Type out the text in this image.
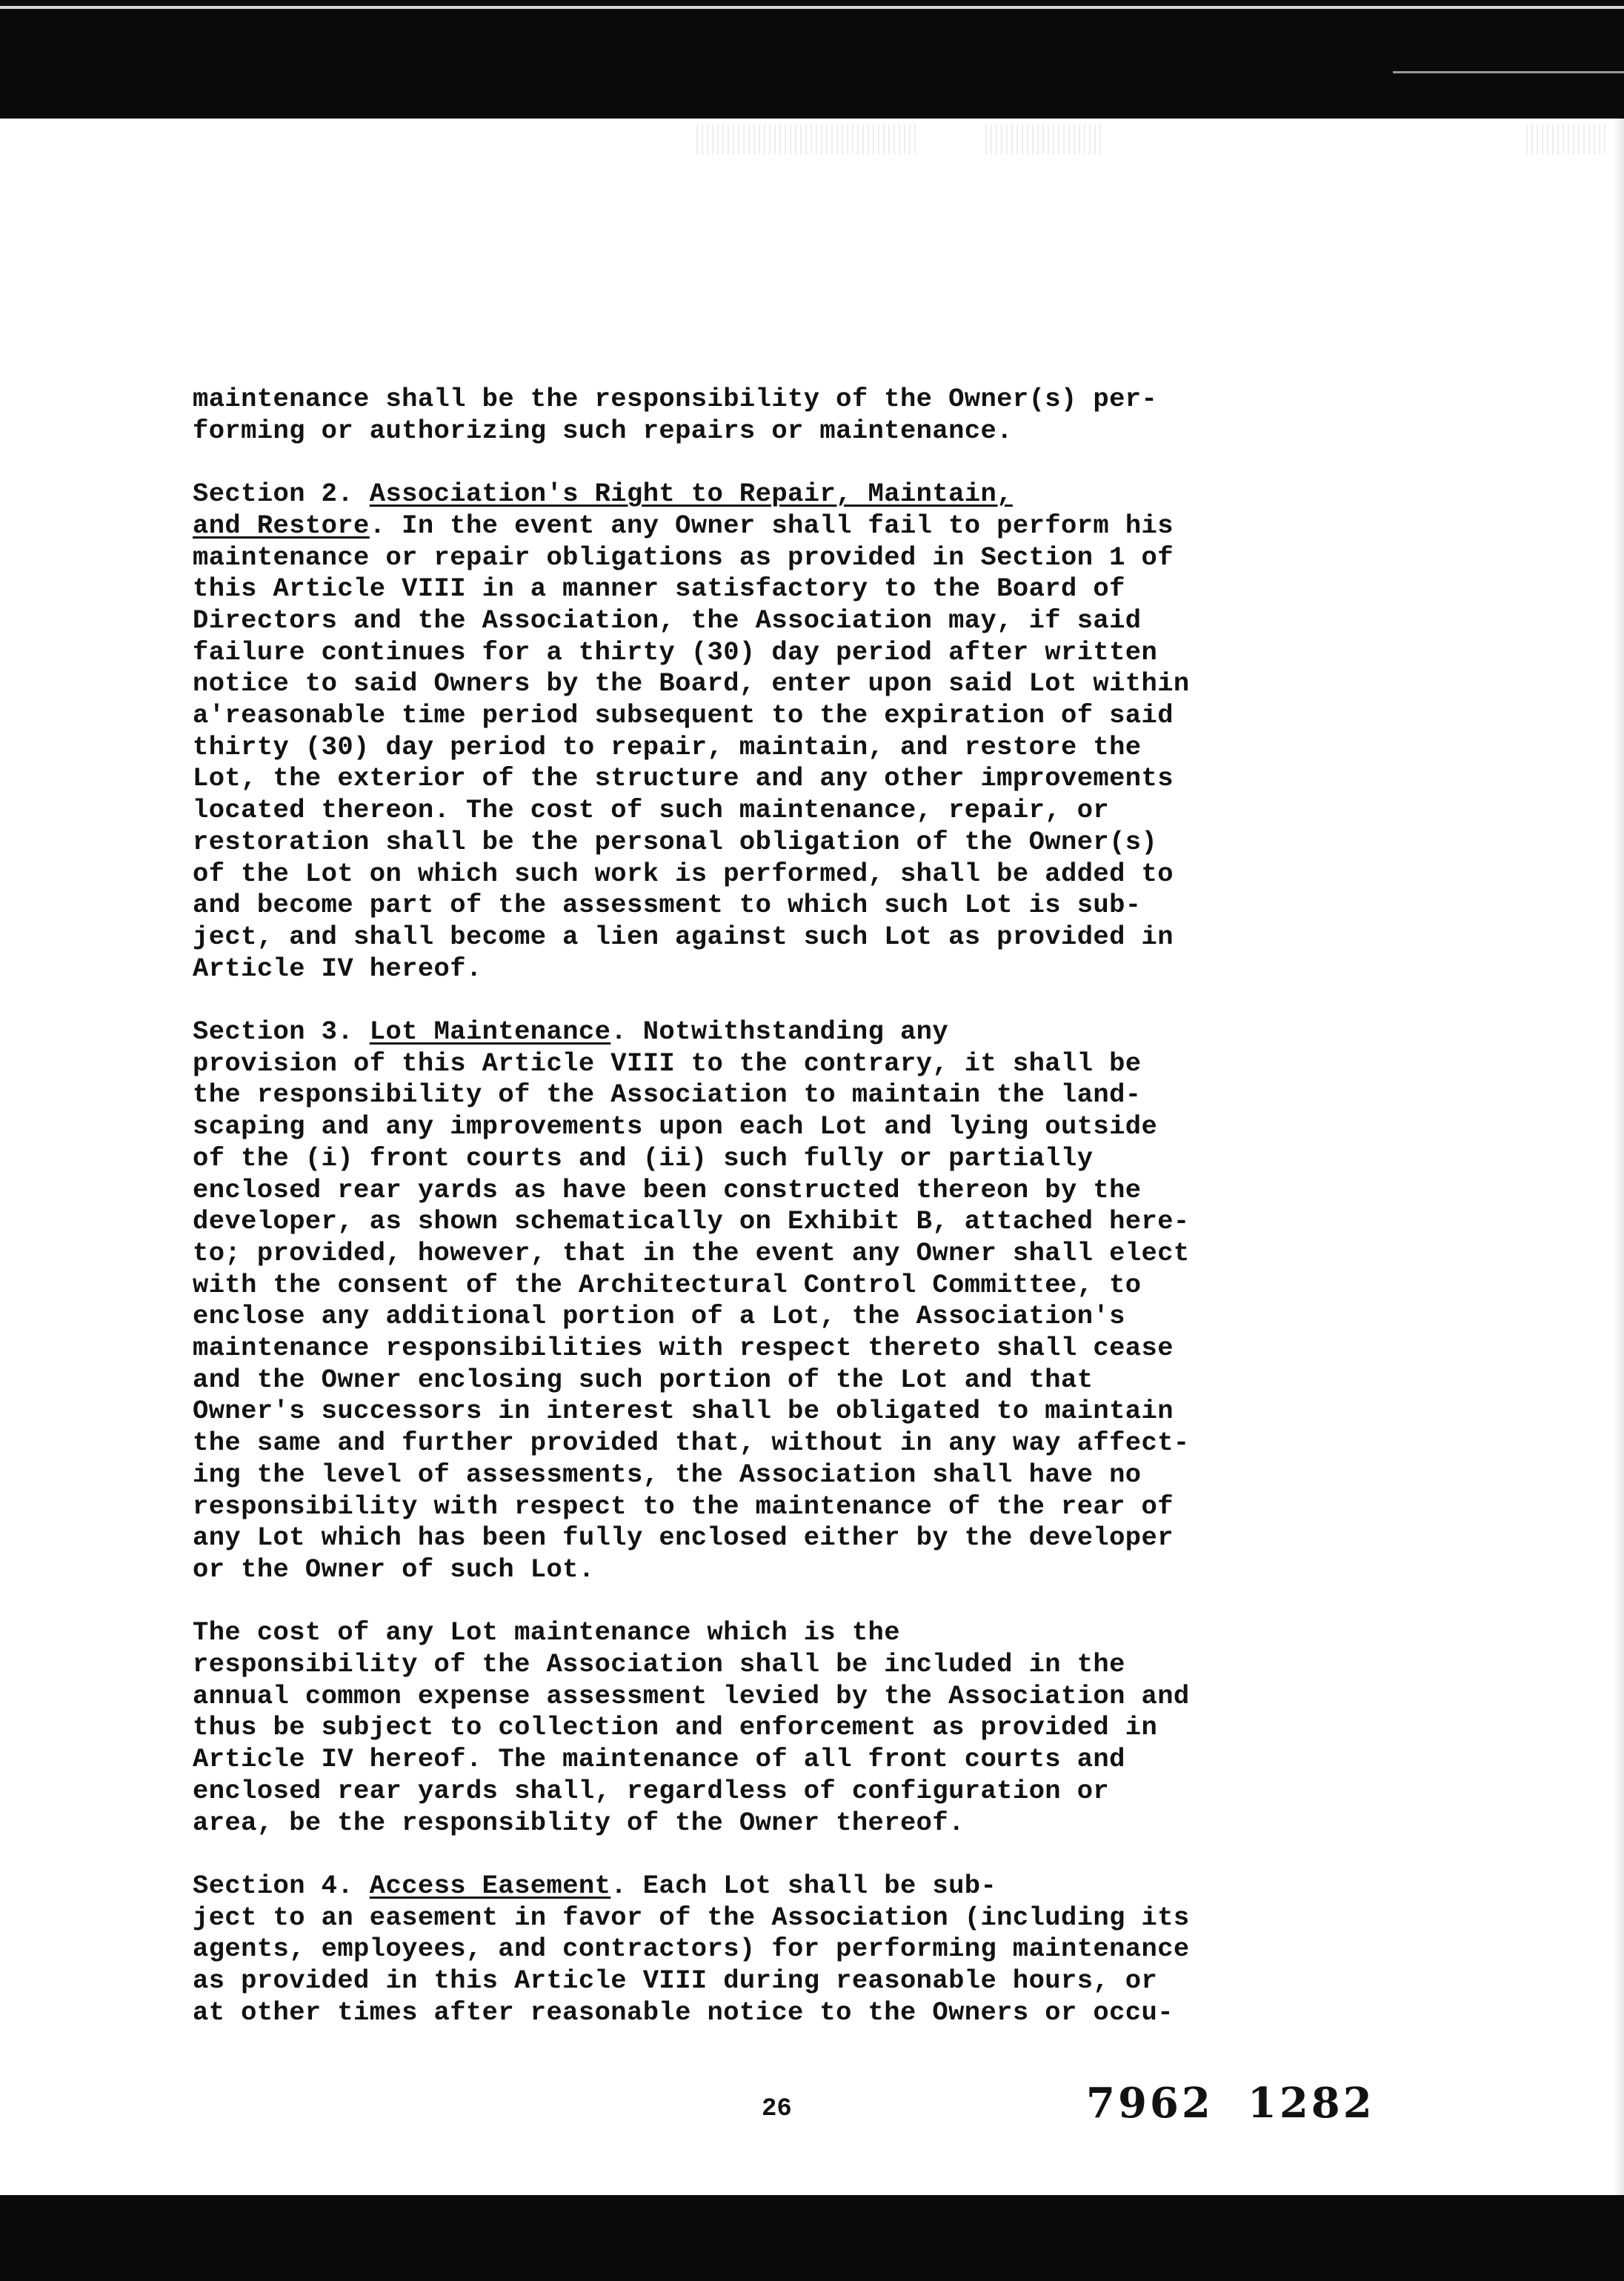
maintenance shall be the responsibility of the Owner(s) per-
forming or authorizing such repairs or maintenance.

Section 2. Association's Right to Repair, Maintain,
and Restore. In the event any Owner shall fail to perform his
maintenance or repair obligations as provided in Section 1 of
this Article VIII in a manner satisfactory to the Board of
Directors and the Association, the Association may, if said
failure continues for a thirty (30) day period after written
notice to said Owners by the Board, enter upon said Lot within
a'reasonable time period subsequent to the expiration of said
thirty (30) day period to repair, maintain, and restore the
Lot, the exterior of the structure and any other improvements
located thereon. The cost of such maintenance, repair, or
restoration shall be the personal obligation of the Owner(s)
of the Lot on which such work is performed, shall be added to
and become part of the assessment to which such Lot is sub-
ject, and shall become a lien against such Lot as provided in
Article IV hereof.

Section 3. Lot Maintenance. Notwithstanding any
provision of this Article VIII to the contrary, it shall be
the responsibility of the Association to maintain the land-
scaping and any improvements upon each Lot and lying outside
of the (i) front courts and (ii) such fully or partially
enclosed rear yards as have been constructed thereon by the
developer, as shown schematically on Exhibit B, attached here-
to; provided, however, that in the event any Owner shall elect
with the consent of the Architectural Control Committee, to
enclose any additional portion of a Lot, the Association's
maintenance responsibilities with respect thereto shall cease
and the Owner enclosing such portion of the Lot and that
Owner's successors in interest shall be obligated to maintain
the same and further provided that, without in any way affect-
ing the level of assessments, the Association shall have no
responsibility with respect to the maintenance of the rear of
any Lot which has been fully enclosed either by the developer
or the Owner of such Lot.

The cost of any Lot maintenance which is the
responsibility of the Association shall be included in the
annual common expense assessment levied by the Association and
thus be subject to collection and enforcement as provided in
Article IV hereof. The maintenance of all front courts and
enclosed rear yards shall, regardless of configuration or
area, be the responsiblity of the Owner thereof.

Section 4. Access Easement. Each Lot shall be sub-
ject to an easement in favor of the Association (including its
agents, employees, and contractors) for performing maintenance
as provided in this Article VIII during reasonable hours, or
at other times after reasonable notice to the Owners or occu-

26	7962 1282
